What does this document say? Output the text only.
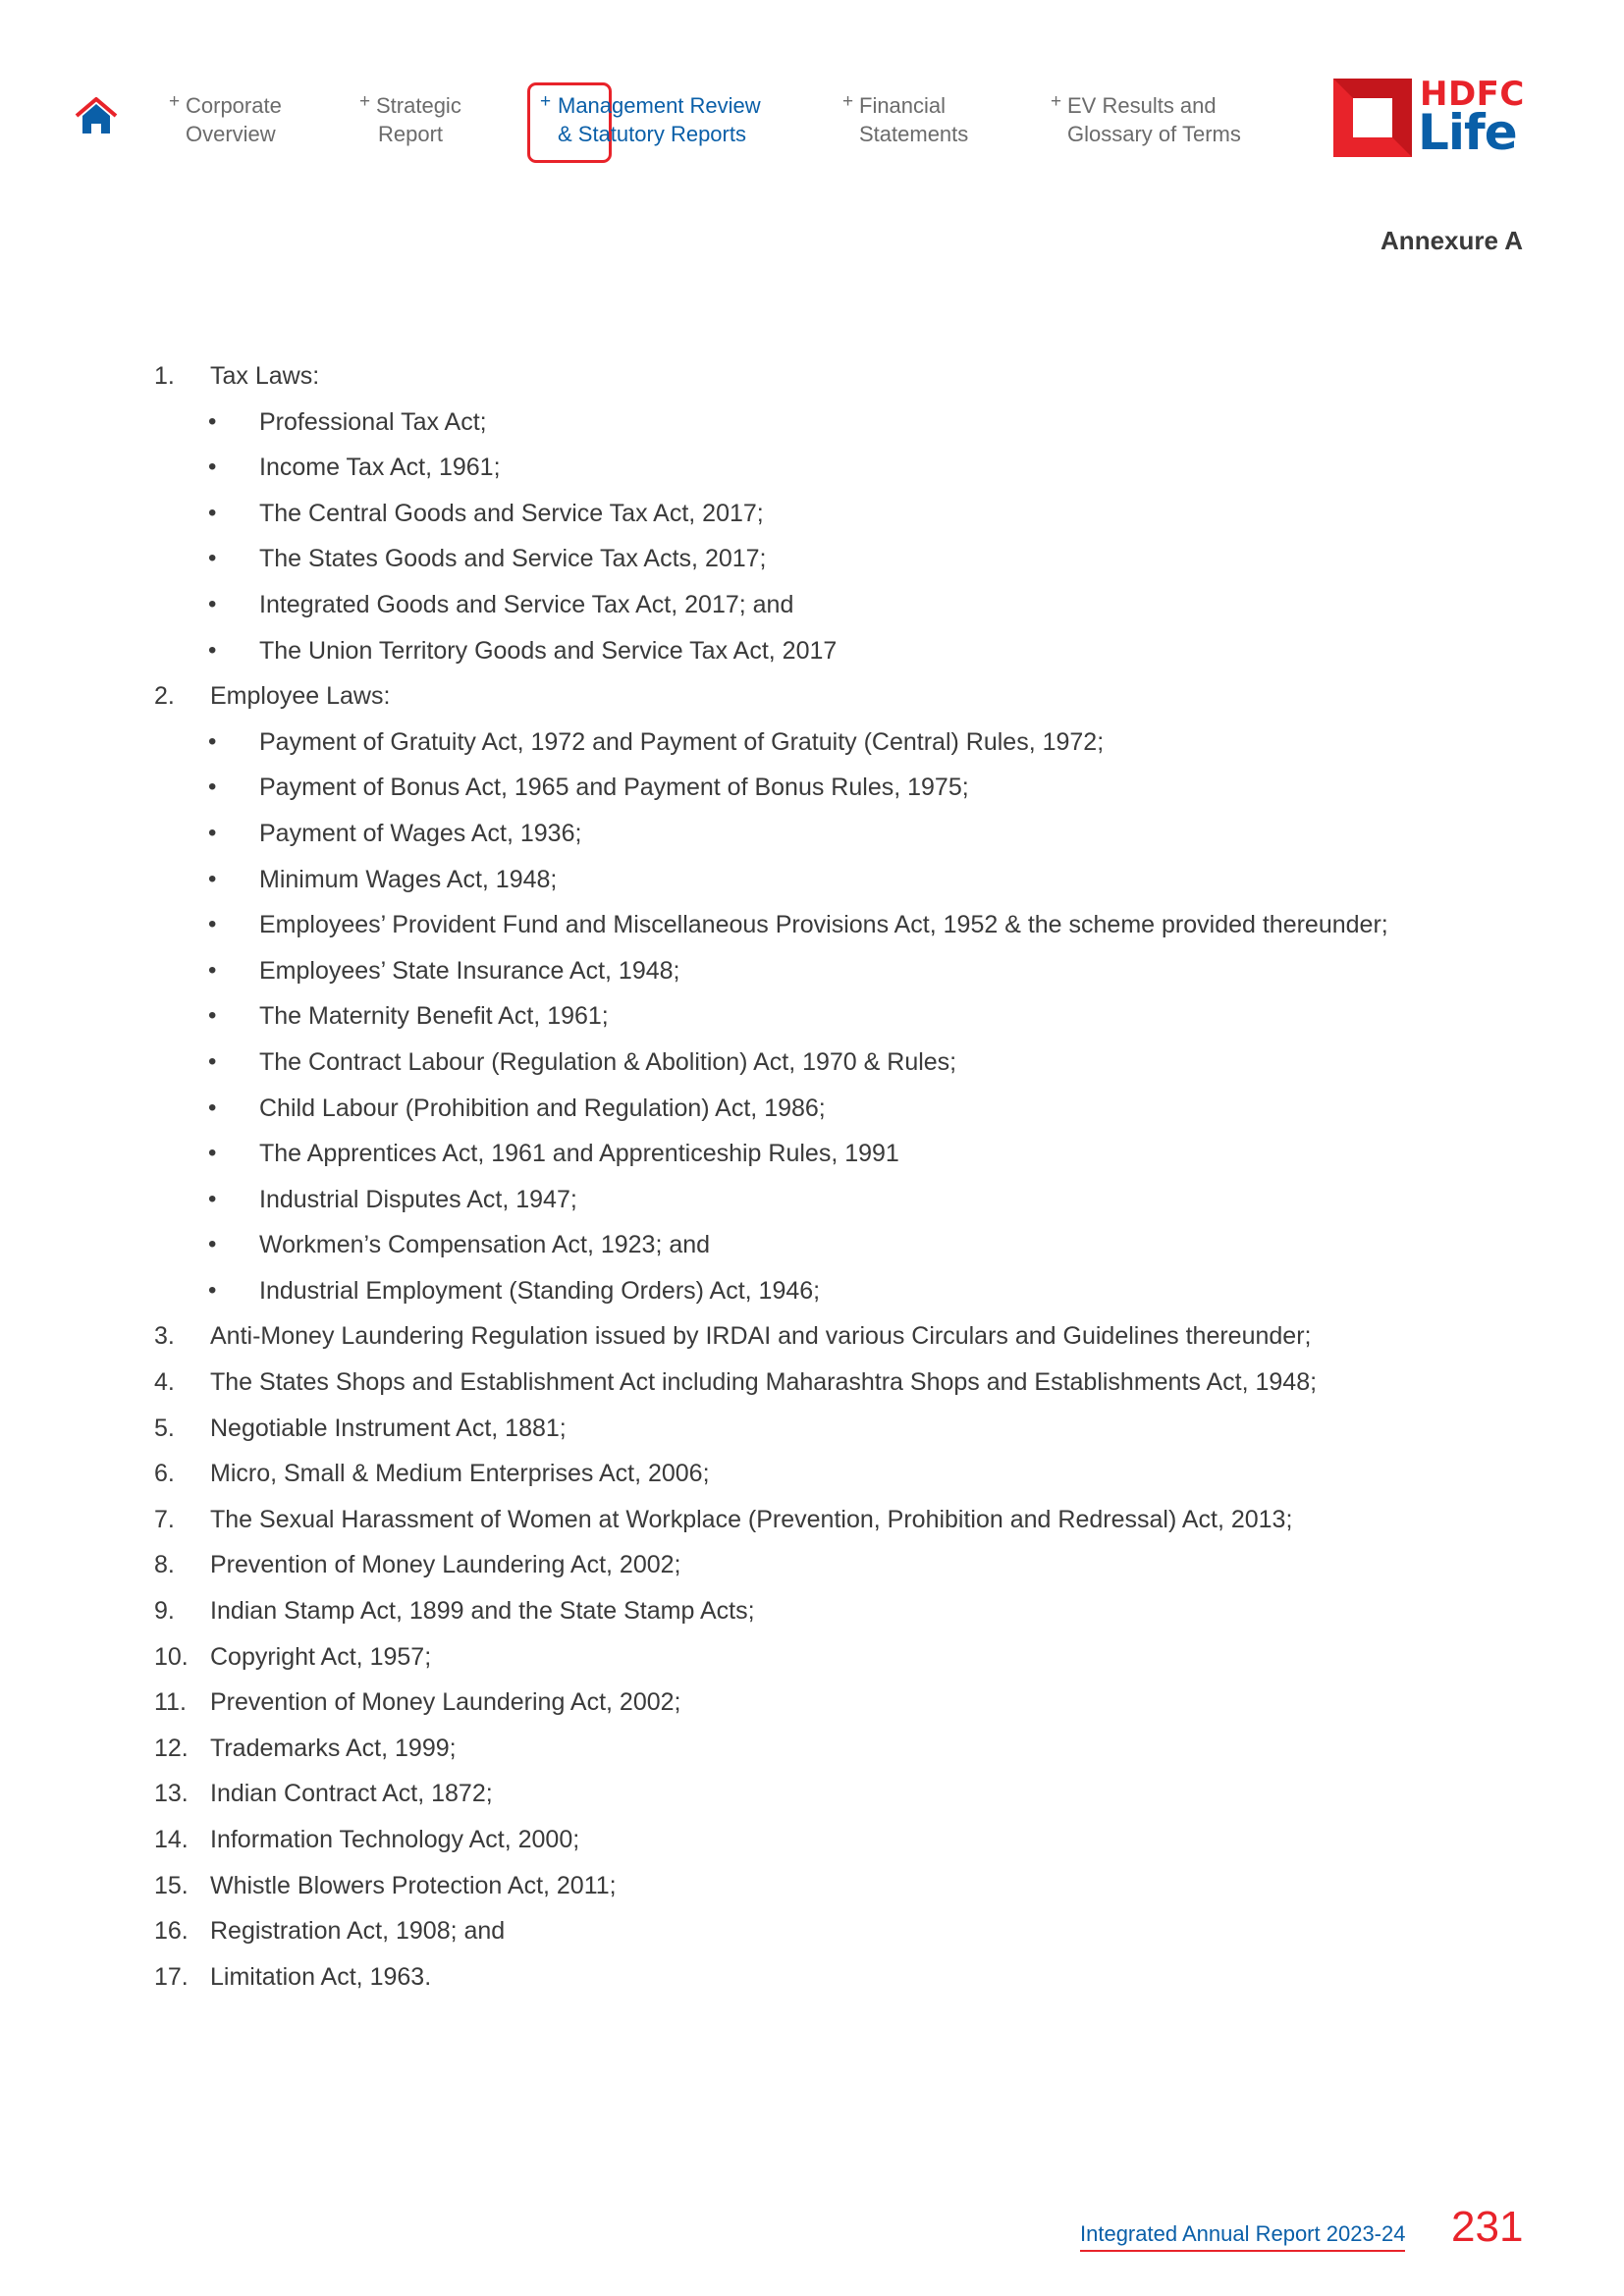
+ Corporate
Overview
+ Strategic
Report
+ Management Review
& Statutory Reports
+ Financial
Statements
+ EV Results and
Glossary of Terms
HDFC
Life
Annexure A
1.	Tax Laws:
• Professional Tax Act;
• Income Tax Act, 1961;
• The Central Goods and Service Tax Act, 2017;
• The States Goods and Service Tax Acts, 2017;
• Integrated Goods and Service Tax Act, 2017; and
• The Union Territory Goods and Service Tax Act, 2017
2.	Employee Laws:
• Payment of Gratuity Act, 1972 and Payment of Gratuity (Central) Rules, 1972;
• Payment of Bonus Act, 1965 and Payment of Bonus Rules, 1975;
• Payment of Wages Act, 1936;
• Minimum Wages Act, 1948;
• Employees’ Provident Fund and Miscellaneous Provisions Act, 1952 & the scheme provided thereunder;
• Employees’ State Insurance Act, 1948;
• The Maternity Benefit Act, 1961;
• The Contract Labour (Regulation & Abolition) Act, 1970 & Rules;
• Child Labour (Prohibition and Regulation) Act, 1986;
• The Apprentices Act, 1961 and Apprenticeship Rules, 1991
• Industrial Disputes Act, 1947;
• Workmen’s Compensation Act, 1923; and
• Industrial Employment (Standing Orders) Act, 1946;
3.	Anti-Money Laundering Regulation issued by IRDAI and various Circulars and Guidelines thereunder;
4.	The States Shops and Establishment Act including Maharashtra Shops and Establishments Act, 1948;
5.	Negotiable Instrument Act, 1881;
6.	Micro, Small & Medium Enterprises Act, 2006;
7.	The Sexual Harassment of Women at Workplace (Prevention, Prohibition and Redressal) Act, 2013;
8.	Prevention of Money Laundering Act, 2002;
9.	Indian Stamp Act, 1899 and the State Stamp Acts;
10. Copyright Act, 1957;
11. Prevention of Money Laundering Act, 2002;
12. Trademarks Act, 1999;
13. Indian Contract Act, 1872;
14. Information Technology Act, 2000;
15. Whistle Blowers Protection Act, 2011;
16. Registration Act, 1908; and
17. Limitation Act, 1963.
Integrated Annual Report 2023-24 231
